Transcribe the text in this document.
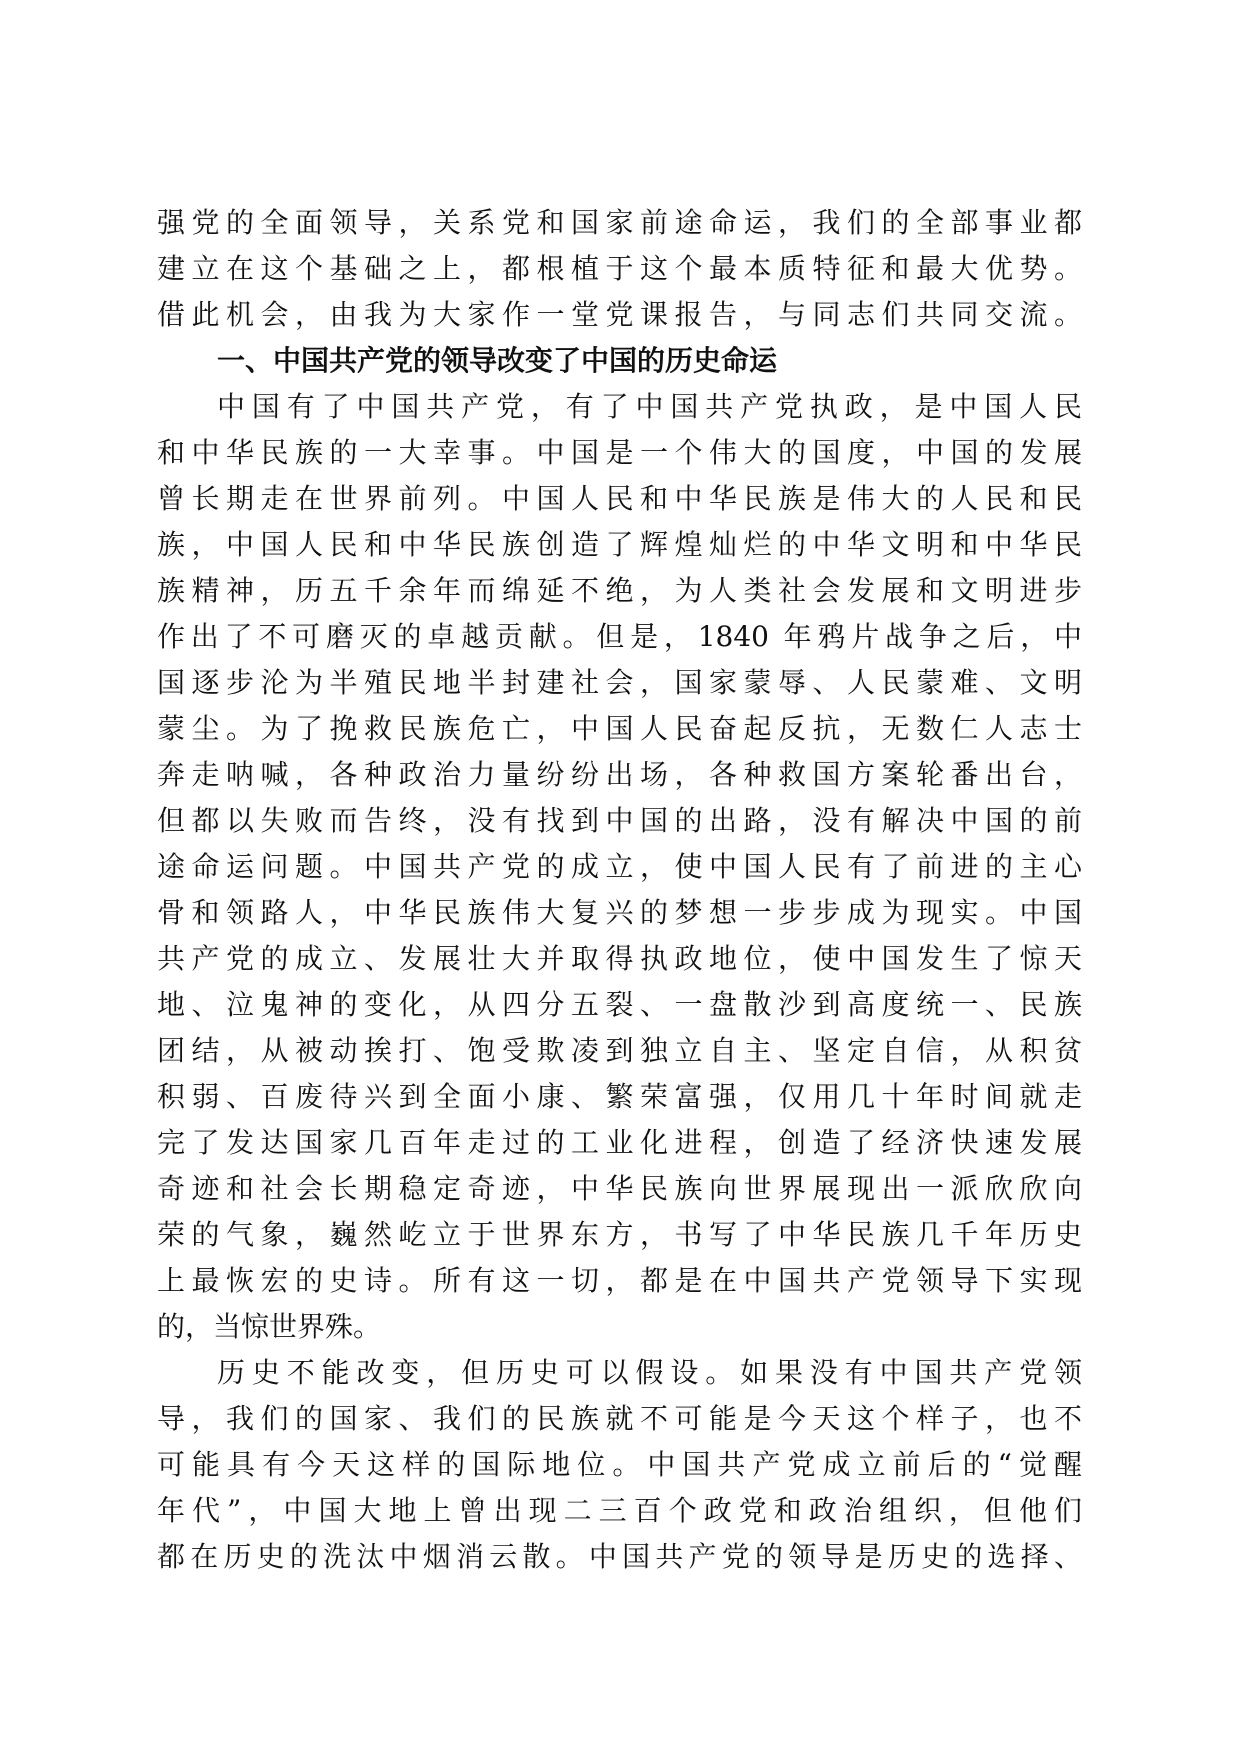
强党的全面领导，关系党和国家前途命运，我们的全部事业都
建立在这个基础之上，都根植于这个最本质特征和最大优势。
借此机会，由我为大家作一堂党课报告，与同志们共同交流。
一、中国共产党的领导改变了中国的历史命运
中国有了中国共产党，有了中国共产党执政，是中国人民
和中华民族的一大幸事。中国是一个伟大的国度，中国的发展
曾长期走在世界前列。中国人民和中华民族是伟大的人民和民
族，中国人民和中华民族创造了辉煌灿烂的中华文明和中华民
族精神，历五千余年而绵延不绝，为人类社会发展和文明进步
作出了不可磨灭的卓越贡献。但是，1840 年鸦片战争之后，中
国逐步沦为半殖民地半封建社会，国家蒙辱、人民蒙难、文明
蒙尘。为了挽救民族危亡，中国人民奋起反抗，无数仁人志士
奔走呐喊，各种政治力量纷纷出场，各种救国方案轮番出台，
但都以失败而告终，没有找到中国的出路，没有解决中国的前
途命运问题。中国共产党的成立，使中国人民有了前进的主心
骨和领路人，中华民族伟大复兴的梦想一步步成为现实。中国
共产党的成立、发展壮大并取得执政地位，使中国发生了惊天
地、泣鬼神的变化，从四分五裂、一盘散沙到高度统一、民族
团结，从被动挨打、饱受欺凌到独立自主、坚定自信，从积贫
积弱、百废待兴到全面小康、繁荣富强，仅用几十年时间就走
完了发达国家几百年走过的工业化进程，创造了经济快速发展
奇迹和社会长期稳定奇迹，中华民族向世界展现出一派欣欣向
荣的气象，巍然屹立于世界东方，书写了中华民族几千年历史
上最恢宏的史诗。所有这一切，都是在中国共产党领导下实现
的，当惊世界殊。
历史不能改变，但历史可以假设。如果没有中国共产党领
导，我们的国家、我们的民族就不可能是今天这个样子，也不
可能具有今天这样的国际地位。中国共产党成立前后的“觉醒
年代”，中国大地上曾出现二三百个政党和政治组织，但他们
都在历史的洗汰中烟消云散。中国共产党的领导是历史的选择、
